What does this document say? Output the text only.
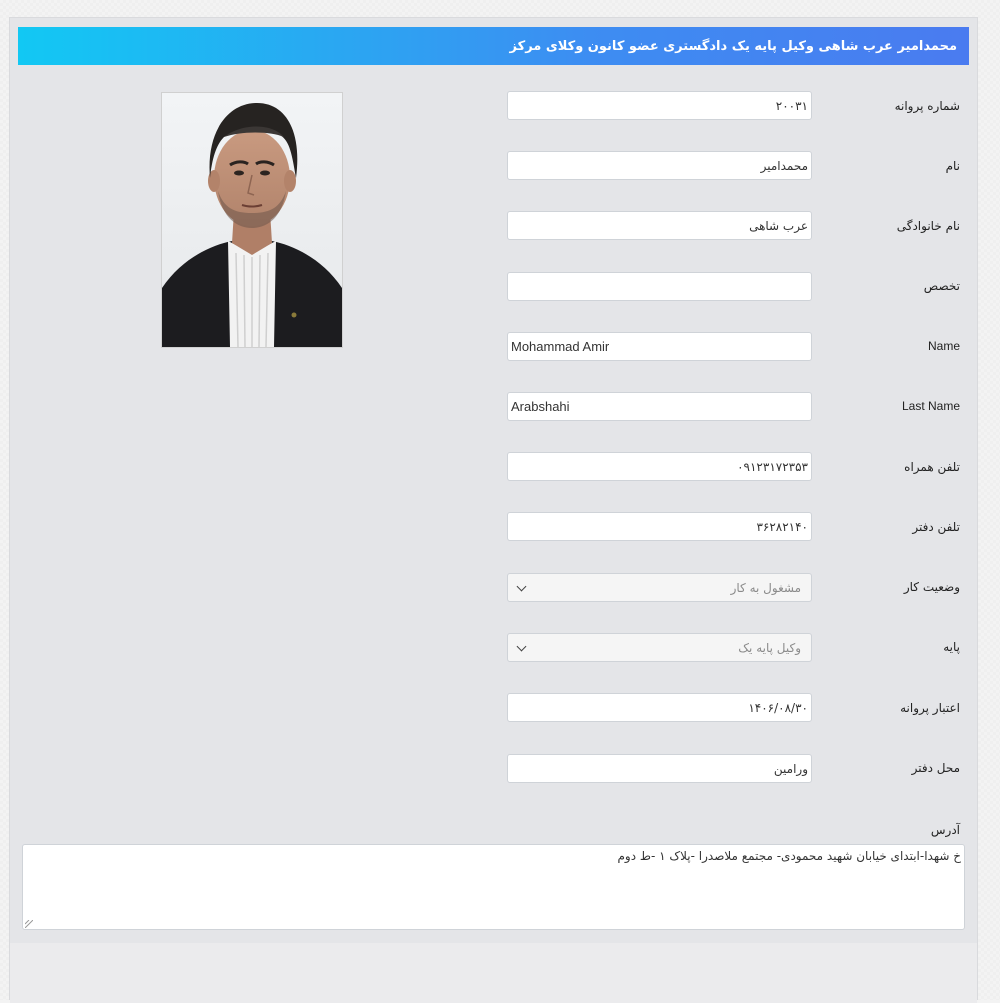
محمدامیر عرب شاهی وکیل پایه یک دادگستری عضو کانون وکلای مرکز
شماره پروانه
۲۰۰۳۱
نام
محمدامیر
نام خانوادگی
عرب شاهی
تخصص
Name
Mohammad Amir
Last Name
Arabshahi
تلفن همراه
۰۹۱۲۳۱۷۲۳۵۳
تلفن دفتر
۳۶۲۸۲۱۴۰
وضعیت کار
مشغول به کار
پایه
وکیل پایه یک
اعتبار پروانه
۱۴۰۶/۰۸/۳۰
محل دفتر
ورامین
آدرس
خ شهدا-ابتدای خیابان شهید محمودی- مجتمع ملاصدرا -پلاک ۱ -ط دوم
